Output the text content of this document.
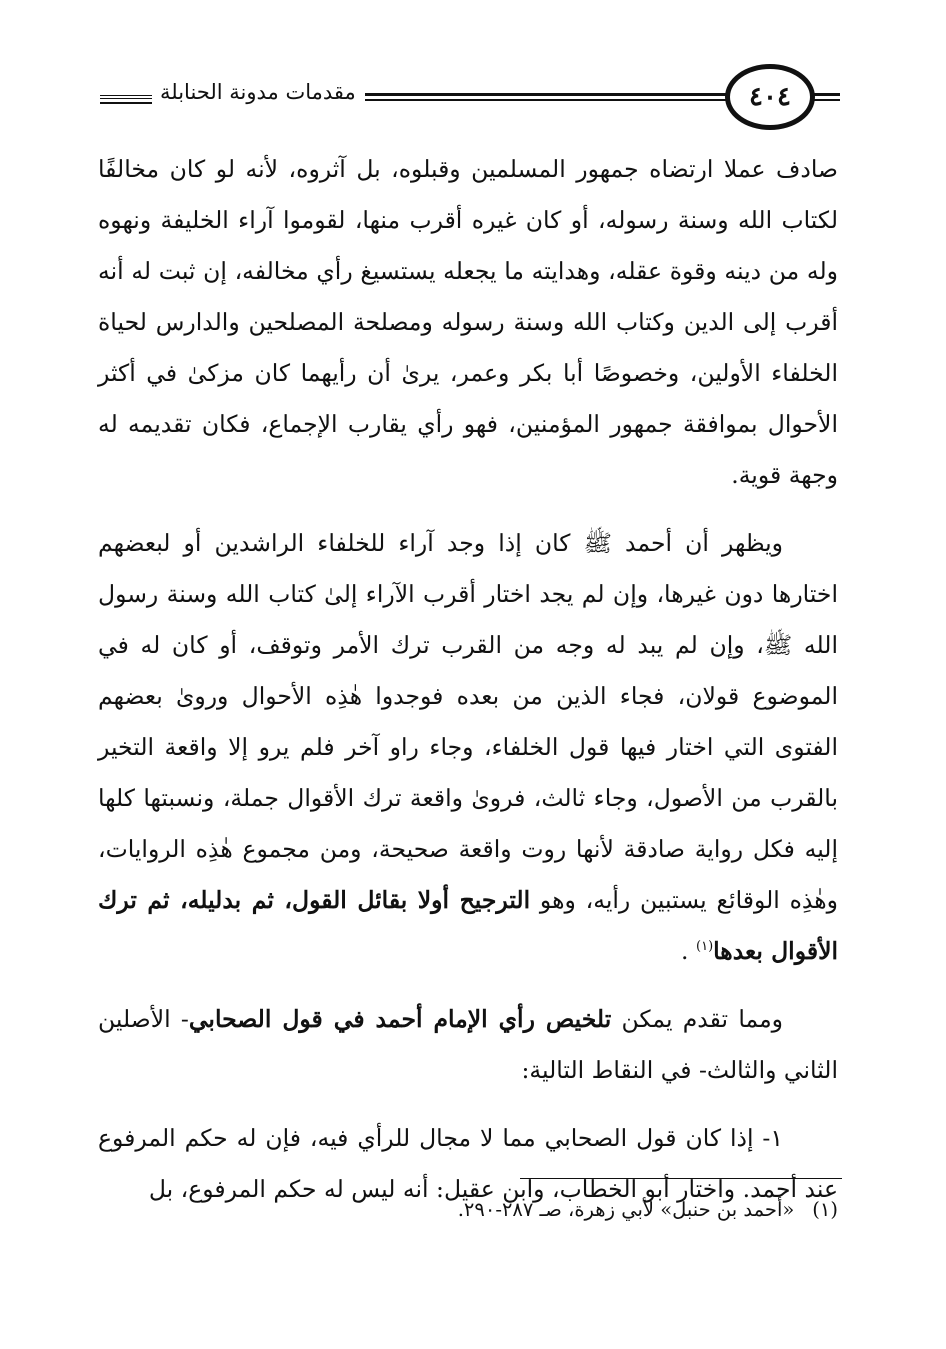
مقدمات مدونة الحنابلة	٤٠٤

صادف عملا ارتضاه جمهور المسلمين وقبلوه، بل آثروه، لأنه لو كان مخالفًا لكتاب الله وسنة رسوله، أو كان غيره أقرب منها، لقوموا آراء الخليفة ونهوه وله من دينه وقوة عقله، وهدايته ما يجعله يستسيغ رأي مخالفه، إن ثبت له أنه أقرب إلى الدين وكتاب الله وسنة رسوله ومصلحة المصلحين والدارس لحياة الخلفاء الأولين، وخصوصًا أبا بكر وعمر، يرىٰ أن رأيهما كان مزكىٰ في أكثر الأحوال بموافقة جمهور المؤمنين، فهو رأي يقارب الإجماع، فكان تقديمه له وجهة قوية.

ويظهر أن أحمد ﷺ كان إذا وجد آراء للخلفاء الراشدين أو لبعضهم اختارها دون غيرها، وإن لم يجد اختار أقرب الآراء إلىٰ كتاب الله وسنة رسول الله ﷺ، وإن لم يبد له وجه من القرب ترك الأمر وتوقف، أو كان له في الموضوع قولان، فجاء الذين من بعده فوجدوا هٰذِه الأحوال ورویٰ بعضهم الفتوى التي اختار فيها قول الخلفاء، وجاء راو آخر فلم يرو إلا واقعة التخير بالقرب من الأصول، وجاء ثالث، فرویٰ واقعة ترك الأقوال جملة، ونسبتها كلها إليه فكل رواية صادقة لأنها روت واقعة صحيحة، ومن مجموع هٰذِه الروايات، وهٰذِه الوقائع يستبين رأيه، وهو الترجيح أولا بقائل القول، ثم بدليله، ثم ترك الأقوال بعدها$^{(١)}$ .

ومما تقدم يمكن تلخيص رأي الإمام أحمد في قول الصحابي- الأصلين الثاني والثالث- في النقاط التالية:

١- إذا كان قول الصحابي مما لا مجال للرأي فيه، فإن له حكم المرفوع عند أحمد. واختار أبو الخطاب، وابن عقيل: أنه ليس له حكم المرفوع، بل

(١)«أحمد بن حنبل» لأبي زهرة، صـ ٢٨٧-٢٩٠.
